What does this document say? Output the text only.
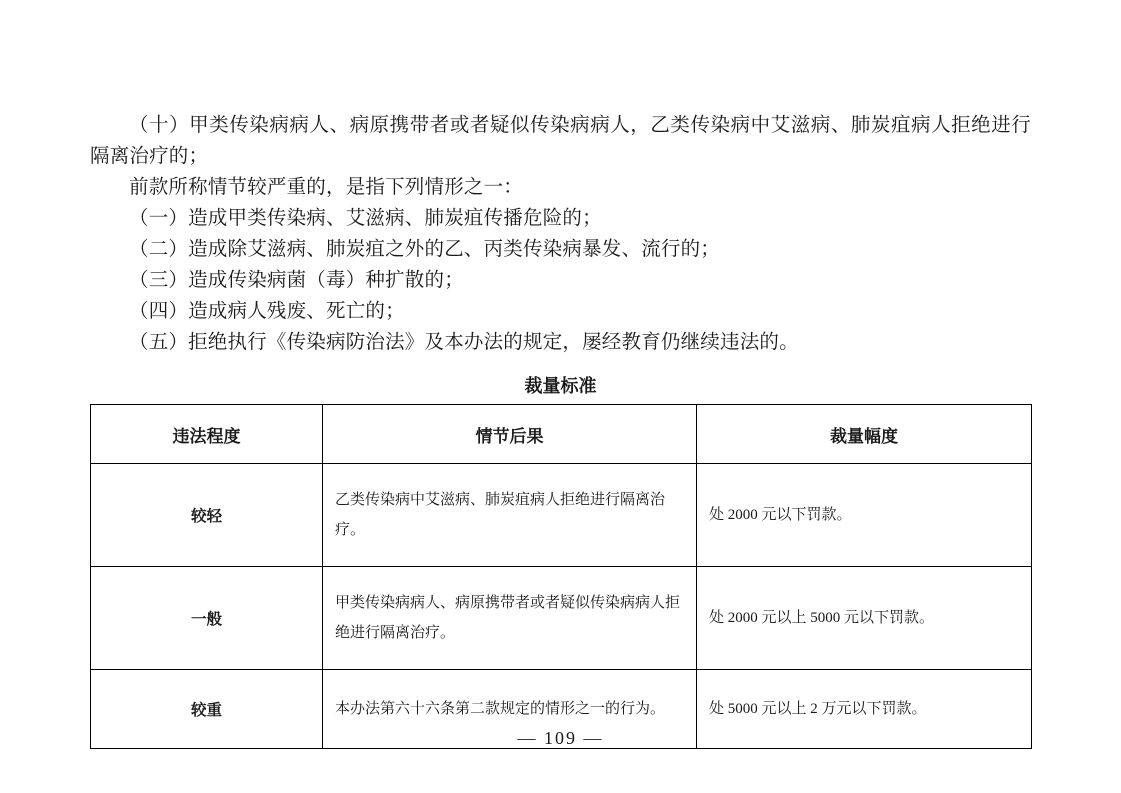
（十）甲类传染病病人、病原携带者或者疑似传染病病人，乙类传染病中艾滋病、肺炭疽病人拒绝进行隔离治疗的；

前款所称情节较严重的，是指下列情形之一：

（一）造成甲类传染病、艾滋病、肺炭疽传播危险的；

（二）造成除艾滋病、肺炭疽之外的乙、丙类传染病暴发、流行的；

（三）造成传染病菌（毒）种扩散的；

（四）造成病人残废、死亡的；

（五）拒绝执行《传染病防治法》及本办法的规定，屡经教育仍继续违法的。

裁量标准
违法程度	情节后果	裁量幅度
较轻	乙类传染病中艾滋病、肺炭疽病人拒绝进行隔离治疗。	处 2000 元以下罚款。
一般	甲类传染病病人、病原携带者或者疑似传染病病人拒绝进行隔离治疗。	处 2000 元以上 5000 元以下罚款。
较重	本办法第六十六条第二款规定的情形之一的行为。	处 5000 元以上 2 万元以下罚款。
— 109 —
